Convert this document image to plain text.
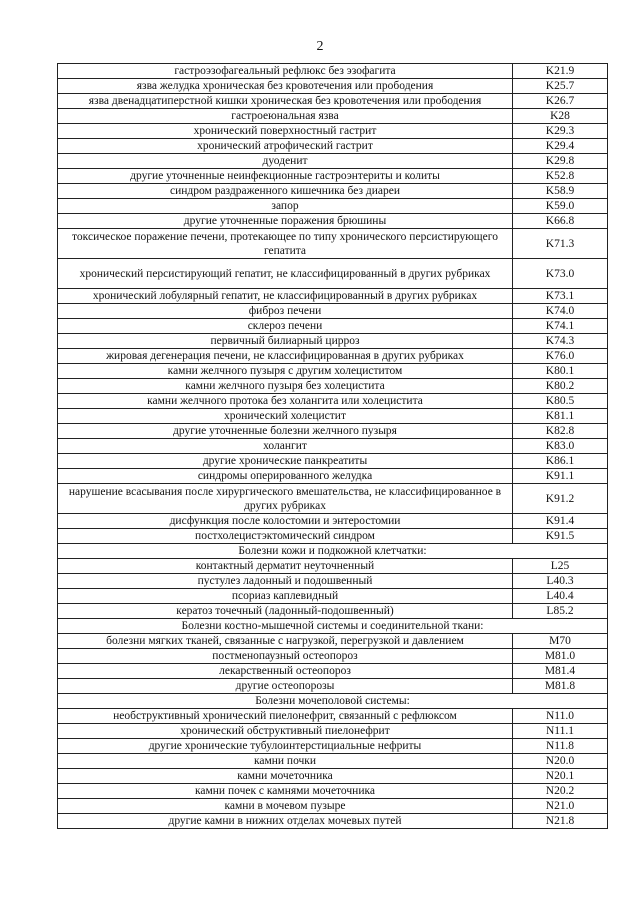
2
гастроэзофагеальный рефлюкс без эзофагита	K21.9
язва желудка хроническая без кровотечения или прободения	K25.7
язва двенадцатиперстной кишки хроническая без кровотечения или прободения	K26.7
гастроеюнальная язва	K28
хронический поверхностный гастрит	K29.3
хронический атрофический гастрит	K29.4
дуоденит	K29.8
другие уточненные неинфекционные гастроэнтериты и колиты	K52.8
синдром раздраженного кишечника без диареи	K58.9
запор	K59.0
другие уточненные поражения брюшины	K66.8
токсическое поражение печени, протекающее по типу хронического персистирующего гепатита	K71.3
хронический персистирующий гепатит, не классифицированный в других рубриках	K73.0
хронический лобулярный гепатит, не классифицированный в других рубриках	K73.1
фиброз печени	K74.0
склероз печени	K74.1
первичный билиарный цирроз	K74.3
жировая дегенерация печени, не классифицированная в других рубриках	K76.0
камни желчного пузыря с другим холециститом	K80.1
камни желчного пузыря без холецистита	K80.2
камни желчного протока без холангита или холецистита	K80.5
хронический холецистит	K81.1
другие уточненные болезни желчного пузыря	K82.8
холангит	K83.0
другие хронические панкреатиты	K86.1
синдромы оперированного желудка	K91.1
нарушение всасывания после хирургического вмешательства, не классифицированное в других рубриках	K91.2
дисфункция после колостомии и энтеростомии	K91.4
постхолецистэктомический синдром	K91.5
Болезни кожи и подкожной клетчатки:	
контактный дерматит неуточненный	L25
пустулез ладонный и подошвенный	L40.3
псориаз каплевидный	L40.4
кератоз точечный (ладонный-подошвенный)	L85.2
Болезни костно-мышечной системы и соединительной ткани:	
болезни мягких тканей, связанные с нагрузкой, перегрузкой и давлением	M70
постменопаузный остеопороз	M81.0
лекарственный остеопороз	M81.4
другие остеопорозы	M81.8
Болезни мочеполовой системы:	
необструктивный хронический пиелонефрит, связанный с рефлюксом	N11.0
хронический обструктивный пиелонефрит	N11.1
другие хронические тубулоинтерстициальные нефриты	N11.8
камни почки	N20.0
камни мочеточника	N20.1
камни почек с камнями мочеточника	N20.2
камни в мочевом пузыре	N21.0
другие камни в нижних отделах мочевых путей	N21.8
